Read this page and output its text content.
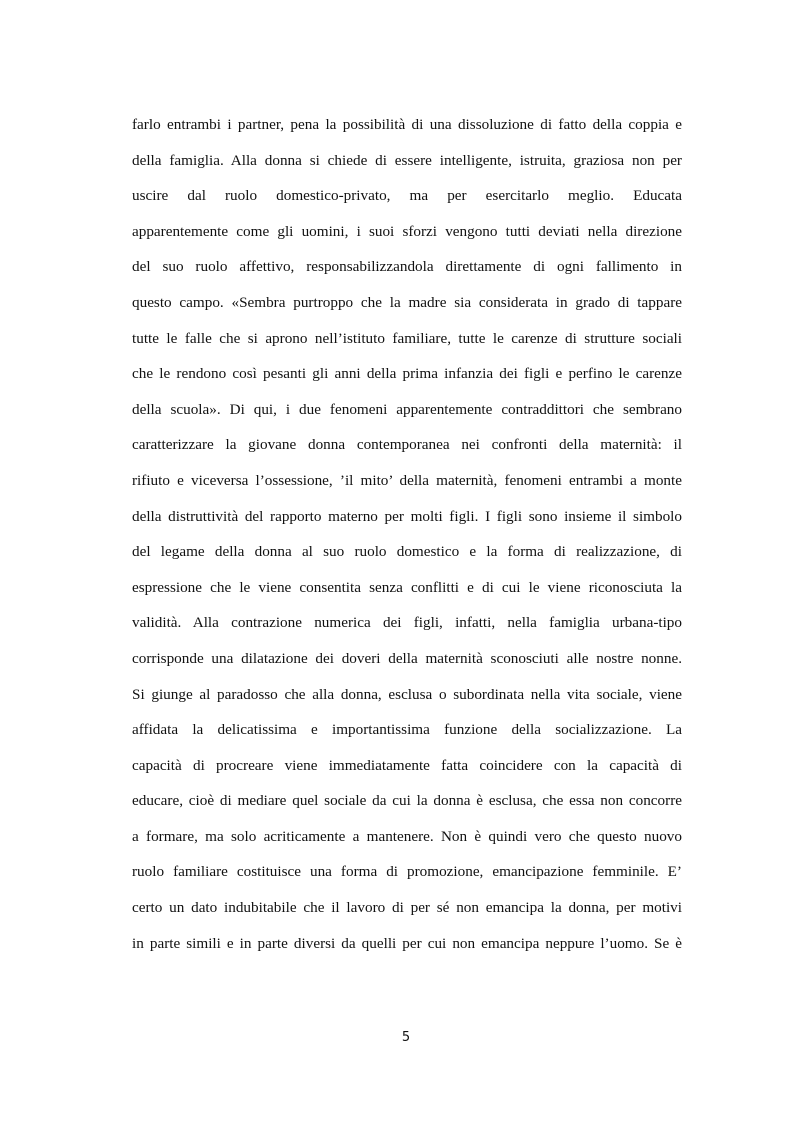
farlo entrambi i partner, pena la possibilità di una dissoluzione di fatto della coppia e
della famiglia. Alla donna si chiede di essere intelligente, istruita, graziosa non per
uscire dal ruolo domestico-privato, ma per esercitarlo meglio. Educata
apparentemente come gli uomini, i suoi sforzi vengono tutti deviati nella direzione
del suo ruolo affettivo, responsabilizzandola direttamente di ogni fallimento in
questo campo. «Sembra purtroppo che la madre sia considerata in grado di tappare
tutte le falle che si aprono nell’istituto familiare, tutte le carenze di strutture sociali
che le rendono così pesanti gli anni della prima infanzia dei figli e perfino le carenze
della scuola». Di qui, i due fenomeni apparentemente contraddittori che sembrano
caratterizzare la giovane donna contemporanea nei confronti della maternità: il
rifiuto e viceversa l’ossessione, ’il mito’ della maternità, fenomeni entrambi a monte
della distruttività del rapporto materno per molti figli. I figli sono insieme il simbolo
del legame della donna al suo ruolo domestico e la forma di realizzazione, di
espressione che le viene consentita senza conflitti e di cui le viene riconosciuta la
validità. Alla contrazione numerica dei figli, infatti, nella famiglia urbana-tipo
corrisponde una dilatazione dei doveri della maternità sconosciuti alle nostre nonne.
Si giunge al paradosso che alla donna, esclusa o subordinata nella vita sociale, viene
affidata la delicatissima e importantissima funzione della socializzazione. La
capacità di procreare viene immediatamente fatta coincidere con la capacità di
educare, cioè di mediare quel sociale da cui la donna è esclusa, che essa non concorre
a formare, ma solo acriticamente a mantenere. Non è quindi vero che questo nuovo
ruolo familiare costituisce una forma di promozione, emancipazione femminile. E’
certo un dato indubitabile che il lavoro di per sé non emancipa la donna, per motivi
in parte simili e in parte diversi da quelli per cui non emancipa neppure l’uomo. Se è
5
